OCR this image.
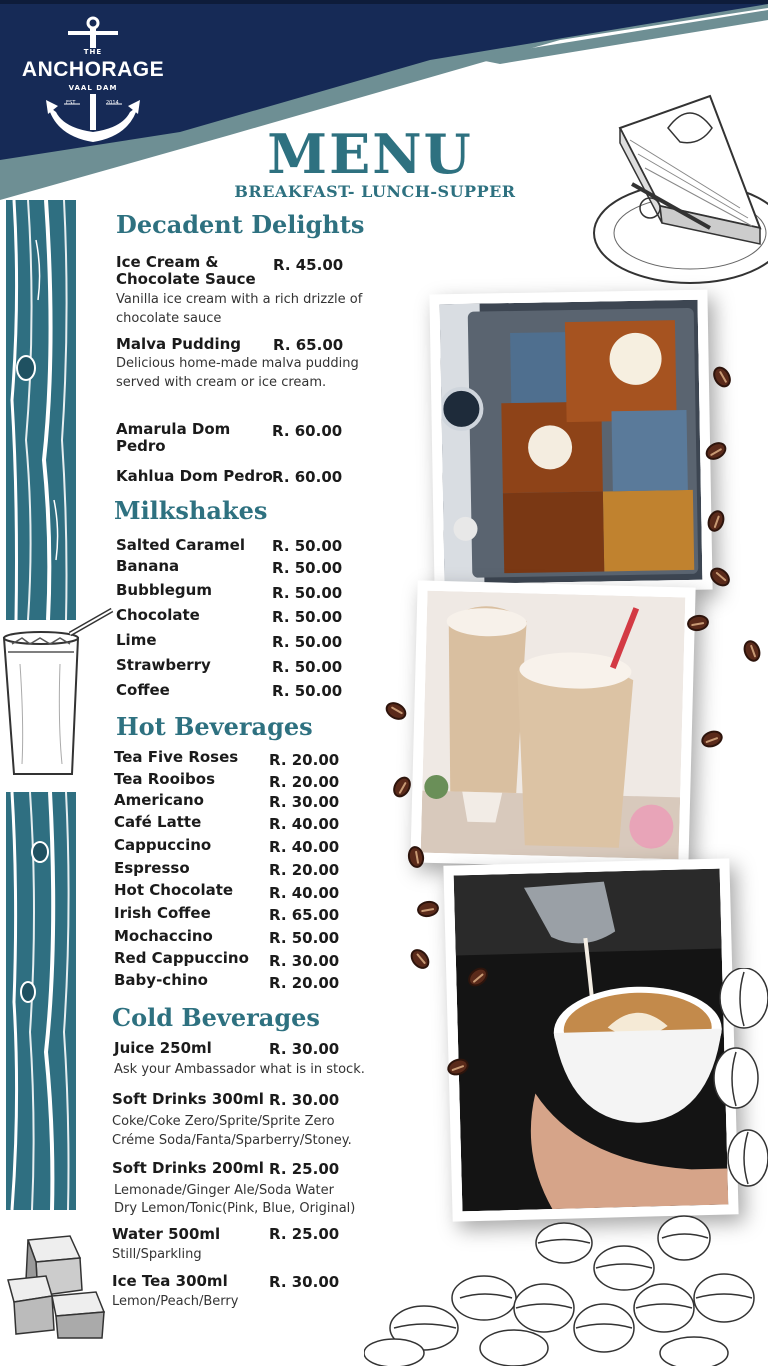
THE
ANCHORAGE
VAAL DAM
EST	2014
MENU
BREAKFAST- LUNCH-SUPPER
Decadent Delights
Ice Cream & Chocolate Sauce
R. 45.00
Vanilla ice cream with a rich drizzle of chocolate sauce
Malva Pudding	R. 65.00
Delicious home-made malva pudding served with cream or ice cream.
Amarula Dom Pedro
R. 60.00
Kahlua Dom Pedro R. 60.00
Milkshakes
Salted Caramel R. 50.00
Banana	R. 50.00
Bubblegum	R. 50.00
Chocolate	R. 50.00
Lime	R. 50.00
Strawberry	R. 50.00
Coffee	R. 50.00
Hot Beverages
Tea Five Roses R. 20.00
Tea Rooibos	R. 20.00
Americano	R. 30.00
Café Latte	R. 40.00
Cappuccino	R. 40.00
Espresso	R. 20.00
Hot Chocolate R. 40.00
Irish Coffee	R. 65.00
Mochaccino	R. 50.00
Red Cappuccino R. 30.00
Baby-chino	R. 20.00
Cold Beverages
Juice 250ml	R. 30.00
Ask your Ambassador what is in stock.
Soft Drinks 300ml R. 30.00
Coke/Coke Zero/Sprite/Sprite Zero
Créme Soda/Fanta/Sparberry/Stoney.
Soft Drinks 200ml R. 25.00
Lemonade/Ginger Ale/Soda Water
Dry Lemon/Tonic(Pink, Blue, Original)
Water 500ml	R. 25.00
Still/Sparkling
Ice Tea 300ml	R. 30.00
Lemon/Peach/Berry
